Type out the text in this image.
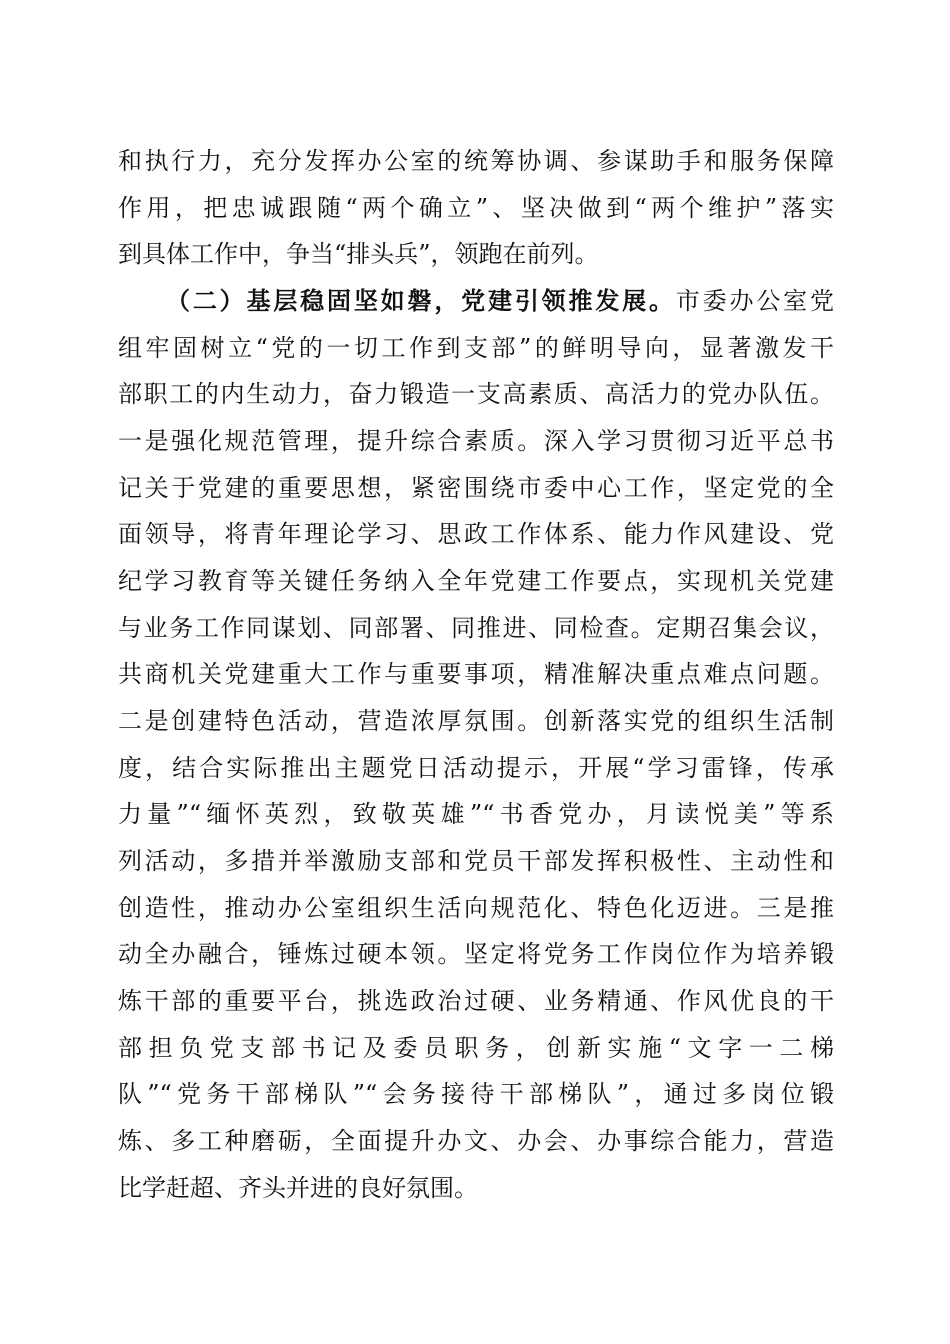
和执行力，充分发挥办公室的统筹协调、参谋助手和服务保障
作用，把忠诚跟随“两个确立”、坚决做到“两个维护”落实
到具体工作中，争当“排头兵”，领跑在前列。
（二）基层稳固坚如磐，党建引领推发展。市委办公室党
组牢固树立“党的一切工作到支部”的鲜明导向，显著激发干
部职工的内生动力，奋力锻造一支高素质、高活力的党办队伍。
一是强化规范管理，提升综合素质。深入学习贯彻习近平总书
记关于党建的重要思想，紧密围绕市委中心工作，坚定党的全
面领导，将青年理论学习、思政工作体系、能力作风建设、党
纪学习教育等关键任务纳入全年党建工作要点，实现机关党建
与业务工作同谋划、同部署、同推进、同检查。定期召集会议，
共商机关党建重大工作与重要事项，精准解决重点难点问题。
二是创建特色活动，营造浓厚氛围。创新落实党的组织生活制
度，结合实际推出主题党日活动提示，开展“学习雷锋，传承
力量”“缅怀英烈，致敬英雄”“书香党办，月读悦美”等系
列活动，多措并举激励支部和党员干部发挥积极性、主动性和
创造性，推动办公室组织生活向规范化、特色化迈进。三是推
动全办融合，锤炼过硬本领。坚定将党务工作岗位作为培养锻
炼干部的重要平台，挑选政治过硬、业务精通、作风优良的干
部担负党支部书记及委员职务，创新实施“文字一二梯
队”“党务干部梯队”“会务接待干部梯队”，通过多岗位锻
炼、多工种磨砺，全面提升办文、办会、办事综合能力，营造
比学赶超、齐头并进的良好氛围。
